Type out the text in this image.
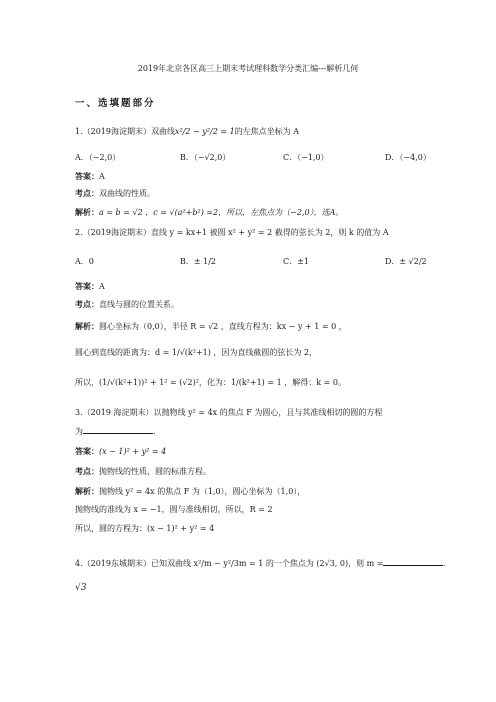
2019年北京各区高三上期末考试理科数学分类汇编---解析几何
一、选填题部分
1.（2019海淀期末）双曲线x²/2 − y²/2 = 1的左焦点坐标为 A
A．（−2,0）	B．（−√2,0）	C．（−1,0）	D．（−4,0）
答案：A
考点：双曲线的性质。
解析：a = b = √2 ，c = √(a²+b²) =2，所以，左焦点为（−2,0），选A。
2.（2019海淀期末）直线 y = kx+1 被圆 x² + y² = 2 截得的弦长为 2，则 k 的值为 A
A．0	B．± 1/2	C．±1	D．± √2/2
答案：A
考点：直线与圆的位置关系。
解析：圆心坐标为（0,0），半径 R = √2 ，直线方程为：kx − y + 1 = 0 ，
圆心到直线的距离为：d = 1/√(k²+1) ，因为直线截圆的弦长为 2，
所以，(1/√(k²+1))² + 1² = (√2)²，化为：1/(k²+1) = 1 ，解得：k = 0。
3.（2019 海淀期末）以抛物线 y² = 4x 的焦点 F 为圆心，且与其准线相切的圆的方程
为	.
答案：(x − 1)² + y² = 4
考点：抛物线的性质，圆的标准方程。
解析：抛物线 y² = 4x 的焦点 F 为（1,0），圆心坐标为（1,0），
抛物线的准线为 x = −1，圆与准线相切，所以，R = 2
所以，圆的方程为：(x − 1)² + y² = 4
4.（2019东城期末）已知双曲线 x²/m − y²/3m = 1 的一个焦点为 (2√3, 0)，则 m =	.
√3
